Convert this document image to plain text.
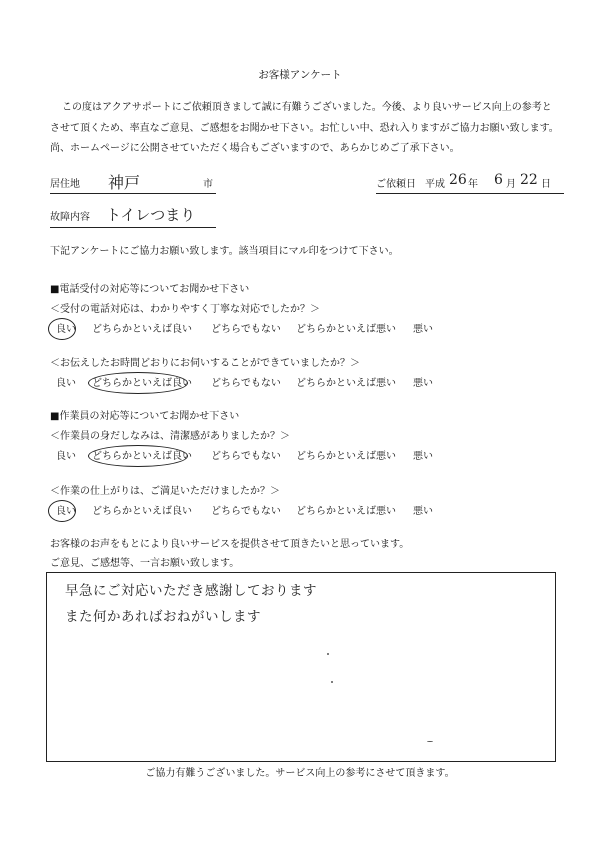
お客様アンケート
この度はアクアサポートにご依頼頂きまして誠に有難うございました。今後、より良いサービス向上の参考と
させて頂くため、率直なご意見、ご感想をお聞かせ下さい。お忙しい中、恐れ入りますがご協力お願い致します。
尚、ホームページに公開させていただく場合もございますので、あらかじめご了承下さい。
居住地 神戸	市	ご依頼日 平成 26 年 6 月 22 日
故障内容 トイレつまり
下記アンケートにご協力お願い致します。該当項目にマル印をつけて下さい。
■電話受付の対応等についてお聞かせ下さい
＜受付の電話対応は、わかりやすく丁寧な対応でしたか？＞
良い どちらかといえば良い どちらでもない どちらかといえば悪い 悪い
＜お伝えしたお時間どおりにお伺いすることができていましたか？＞
良い どちらかといえば良い どちらでもない どちらかといえば悪い 悪い
■作業員の対応等についてお聞かせ下さい
＜作業員の身だしなみは、清潔感がありましたか？＞
良い どちらかといえば良い どちらでもない どちらかといえば悪い 悪い
＜作業の仕上がりは、ご満足いただけましたか？＞
良い どちらかといえば良い どちらでもない どちらかといえば悪い 悪い
お客様のお声をもとにより良いサービスを提供させて頂きたいと思っています。
ご意見、ご感想等、一言お願い致します。
早急にご対応いただき感謝しております
また何かあればおねがいします
ご協力有難うございました。サービス向上の参考にさせて頂きます。
